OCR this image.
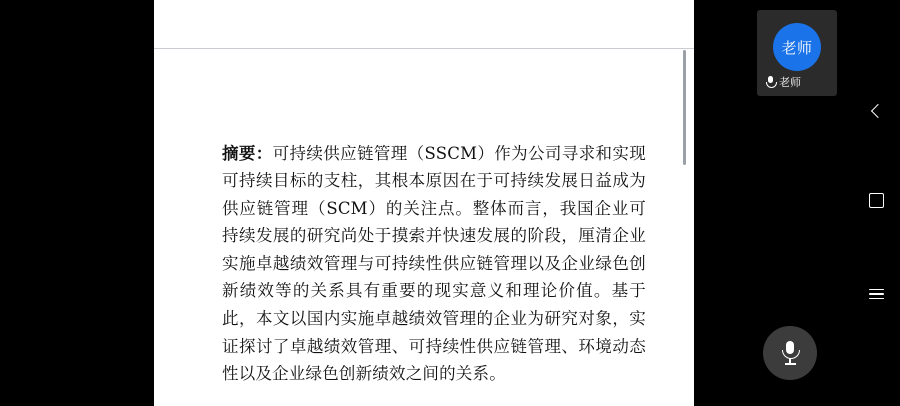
摘要：可持续供应链管理（SSCM）作为公司寻求和实现可持续目标的支柱，其根本原因在于可持续发展日益成为供应链管理（SCM）的关注点。整体而言，我国企业可持续发展的研究尚处于摸索并快速发展的阶段，厘清企业实施卓越绩效管理与可持续性供应链管理以及企业绿色创新绩效等的关系具有重要的现实意义和理论价值。基于此，本文以国内实施卓越绩效管理的企业为研究对象，实证探讨了卓越绩效管理、可持续性供应链管理、环境动态性以及企业绿色创新绩效之间的关系。

老师
老师
